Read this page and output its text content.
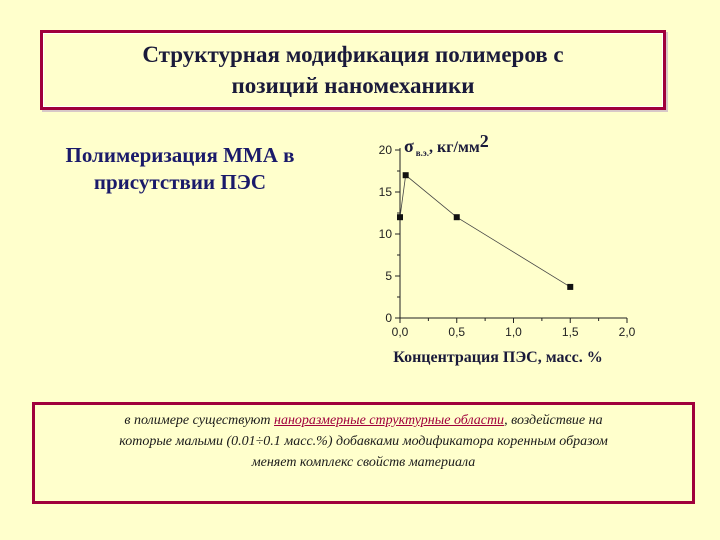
Структурная модификация полимеров с
позиций наномеханики
Полимеризация ММА в
присутствии ПЭС
0,0	0,5	1,0	1,5	2,0
0
5
10
15
20 σ $_{в.э.}$, кг/мм2
Концентрация ПЭС, масс. %
в полимере существуют наноразмерные структурные области, воздействие на
которые малыми (0.01÷0.1 масс.%) добавками модификатора коренным образом
меняет комплекс свойств материала
